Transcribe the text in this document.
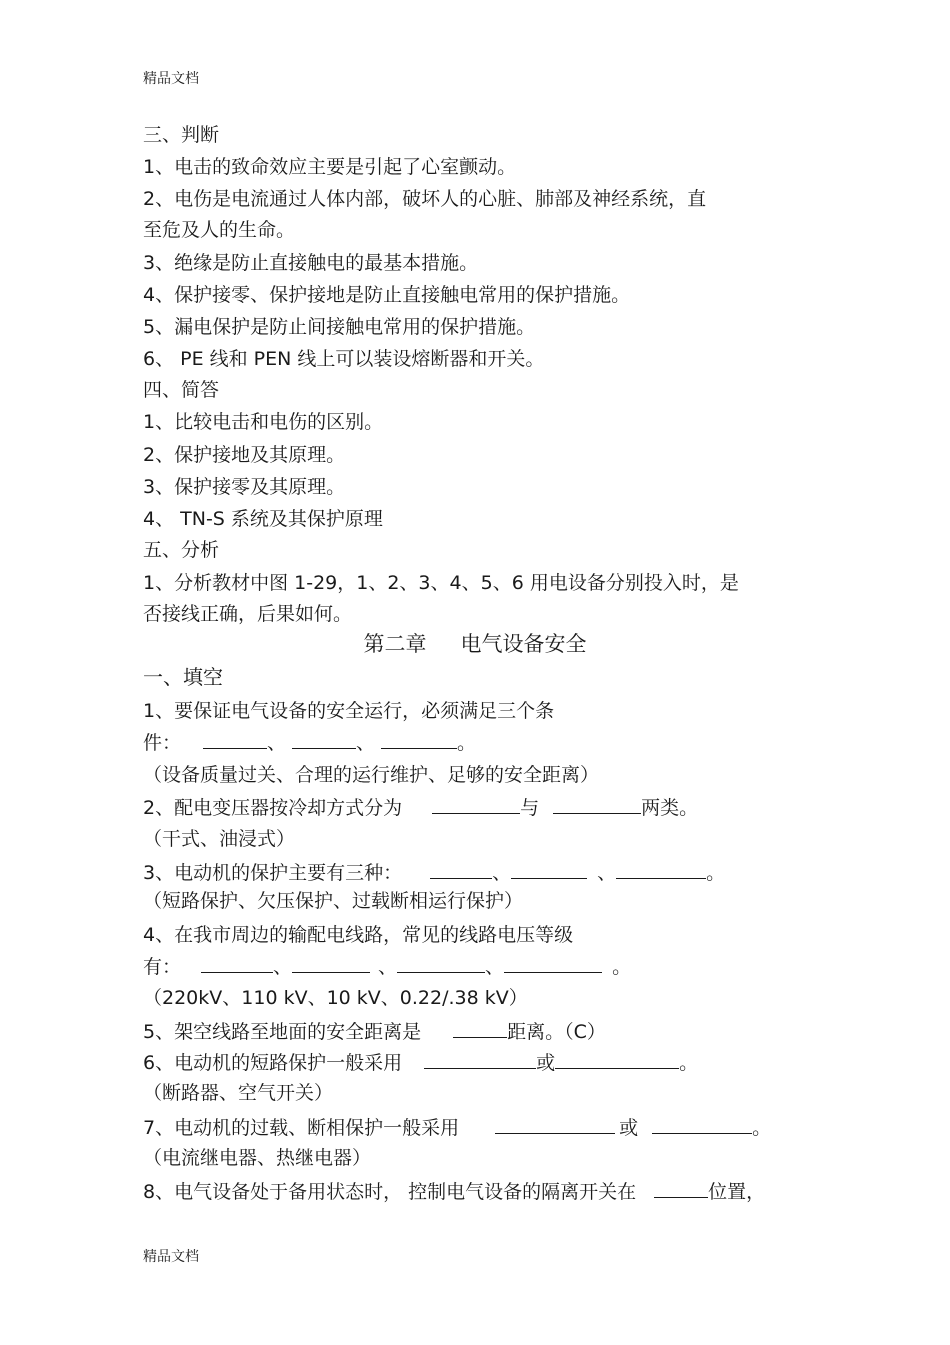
精品文档
三、判断
1、电击的致命效应主要是引起了心室颤动。
2、电伤是电流通过人体内部，破坏人的心脏、肺部及神经系统，直
至危及人的生命。
3、绝缘是防止直接触电的最基本措施。
4、保护接零、保护接地是防止直接触电常用的保护措施。
5、漏电保护是防止间接触电常用的保护措施。
6、 PE 线和 PEN 线上可以装设熔断器和开关。
四、简答
1、比较电击和电伤的区别。
2、保护接地及其原理。
3、保护接零及其原理。
4、 TN-S 系统及其保护原理
五、分析
1、分析教材中图 1-29，1、2、3、4、5、6 用电设备分别投入时，是
否接线正确，后果如何。
第二章 电气设备安全
一、填空
1、要保证电气设备的安全运行，必须满足三个条
件：	、	、	。
（设备质量过关、合理的运行维护、足够的安全距离）
2、配电变压器按冷却方式分为	与	两类。
（干式、油浸式）
3、电动机的保护主要有三种：	、	、	。
（短路保护、欠压保护、过载断相运行保护）
4、在我市周边的输配电线路，常见的线路电压等级
有：	、	、	、	。
（220kV、110 kV、10 kV、0.22/.38 kV）
5、架空线路至地面的安全距离是	距离。（C）
6、电动机的短路保护一般采用	或	。
（断路器、空气开关）
7、电动机的过载、断相保护一般采用	或	。
（电流继电器、热继电器）
8、电气设备处于备用状态时， 控制电气设备的隔离开关在	位置，
精品文档
